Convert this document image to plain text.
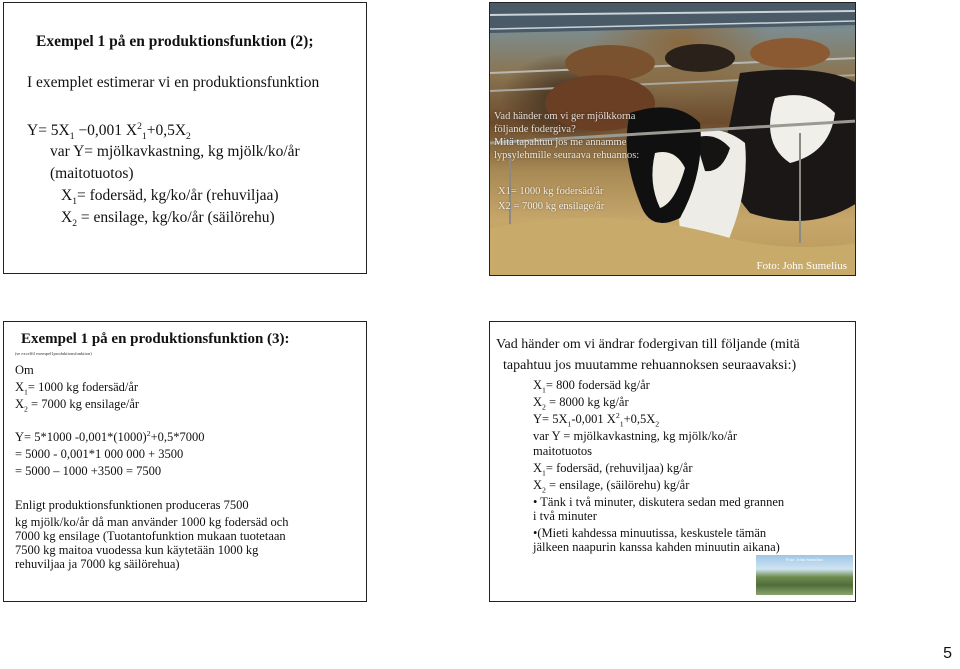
Exempel 1 på en produktionsfunktion (2);
I exemplet estimerar vi en produktionsfunktion
$Y= 5X_1 -0,001$ $X^2_1+0,5X_2$
var Y= mjölkavkastning, kg mjölk/ko/år
(maitotuotos)
$X_1=$ fodersäd, kg/ko/år (rehuviljaa)
$X_2$ = ensilage, kg/ko/år (säilörehu)
Vad händer om vi ger mjölkkorna
följande fodergiva?
Mitä tapahtuu jos me annamme
lypsylehmille seuraava rehuannos:
X1= 1000 kg fodersäd/år
X2 = 7000 kg ensilage/år
Foto: John Sumelius
Exempel 1 på en produktionsfunktion (3):
(se excelfil exempel1produktionsfunktion)
Om
$X_1= 1000$ kg fodersäd/år
$X_2 = 7000$ kg ensilage/år
Y= 5*1000 $-0,001*(1000)^2+0,5*7000$
= 5000 - 0,001*1 000 000 + 3500
= 5000 – 1000 +3500 = 7500
Enligt produktionsfunktionen produceras 7500
kg mjölk/ko/år då man använder 1000 kg fodersäd och
7000 kg ensilage (Tuotantofunktion mukaan tuotetaan
7500 kg maitoa vuodessa kun käytetään 1000 kg
rehuviljaa ja 7000 kg säilörehua)
Vad händer om vi ändrar fodergivan till följande (mitä
tapahtuu jos muutamme rehuannoksen seuraavaksi:)
$X_1= 800$ fodersäd kg/år
$X_2 = 8000$ kg kg/år
$Y= 5X_1-0,001$ $X^2_1+0,5X_2$
var Y = mjölkavkastning, kg mjölk/ko/år
maitotuotos
$X_1=$ fodersäd, (rehuviljaa) kg/år
$X_2$ = ensilage, (säilörehu) kg/år
• Tänk i två minuter, diskutera sedan med grannen
i två minuter
•(Mieti kahdessa minuutissa, keskustele tämän
jälkeen naapurin kanssa kahden minuutin aikana)
Foto: John Sumelius
5
